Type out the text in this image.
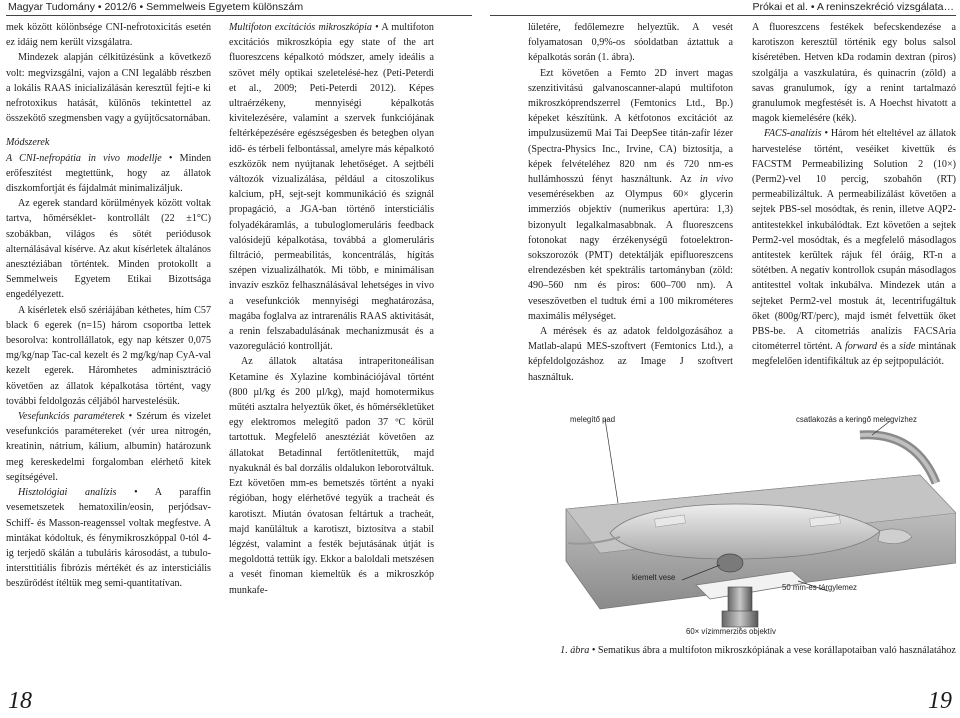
Magyar Tudomány • 2012/6 • Semmelweis Egyetem különszám	Prókai et al. • A reninszekréció vizsgálata…

mek között kölönbsége CNI-nefrotoxicitás esetén ez idáig nem került vizsgálatra.

Mindezek alapján célkitűzésünk a következő volt: megvizsgálni, vajon a CNI legalább részben a lokális RAAS inicializálásán keresztül fejti-e ki nefrotoxikus hatását, különös tekintettel az összekötő szegmensben vagy a gyűjtőcsatornában.

Módszerek

A CNI-nefropátia in vivo modellje • Minden erőfeszítést megtettünk, hogy az állatok diszkomfortját és fájdalmát minimalizáljuk.

Az egerek standard körülmények között voltak tartva, hőmérséklet- kontrollált (22 ±1°C) szobákban, világos és sötét periódusok alternálásával kísérve. Az akut kísérletek általános anesztéziában történtek. Minden protokollt a Semmelweis Egyetem Etikai Bizottsága engedélyezett.

A kísérletek első szériájában kéthetes, hím C57 black 6 egerek (n=15) három csoportba lettek besorolva: kontrollállatok, egy nap kétszer 0,075 mg/kg/nap Tac-cal kezelt és 2 mg/kg/nap CyA-val kezelt egerek. Háromhetes adminisztráció követően az állatok képalkotása történt, vagy további feldolgozás céljából harvestelésük.

Vesefunkciós paraméterek • Szérum és vizelet vesefunkciós paramétereket (vér urea nitrogén, kreatinin, nátrium, kálium, albumin) határozunk meg kereskedelmi forgalomban elérhető kitek segítségével.

Hisztológiai analízis • A paraffin vesemetszetek hematoxilin/eosin, perjódsav-Schiff- és Masson-reagenssel voltak megfestve. A mintákat kódoltuk, és fénymikroszkóppal 0-tól 4-ig terjedő skálán a tubuláris károsodást, a tubulo-intersttitiális fibrózis mértékét és az intersticiális beszűrődést ítéltük meg semi-quantitatívan.

Multifoton excitációs mikroszkópia • A multifoton excitációs mikroszkópia egy state of the art fluoreszcens képalkotó módszer, amely ideális a szövet mély optikai szeletelésé-hez (Peti-Peterdi et al., 2009; Peti-Peterdi 2012). Képes ultraérzékeny, mennyiségi képalkotás kivitelezésére, valamint a szervek funkciójának feltérképezésére egészségesben és betegben olyan idő- és térbeli felbontással, amelyre más képalkotó eszközök nem nyújtanak lehetőséget. A sejtbéli változók vizualizálása, például a citoszolikus kalcium, pH, sejt-sejt kommunikáció és szignál propagáció, a JGA-ban történő intersticiális folyadékáramlás, a tubuloglomeruláris feedback valósidejű képalkotása, továbbá a glomeruláris filtráció, permeabilitás, koncentrálás, hígítás szépen vizualizálhatók. Mi több, e minimálisan invazív eszköz felhasználásával lehetséges in vivo a vesefunkciók mennyiségi meghatározása, magába foglalva az intrarenális RAAS aktivitását, a renin felszabadulásának mechanizmusát és a vazoreguláció kontrollját.

Az állatok altatása intraperitoneálisan Ketamine és Xylazine kombinációjával történt (800 µl/kg és 200 µl/kg), majd homotermikus műtéti asztalra helyeztük őket, és hőmérsékletüket egy elektromos melegítő padon 37 ºC körül tartottuk. Megfelelő anesztéziát követően az állatokat Betadinnal fertőtlenítettük, majd nyakuknál és bal dorzális oldalukon leborotváltuk. Ezt követően mm-es bemetszés történt a nyaki régióban, hogy elérhetővé tegyük a tracheát és karotiszt. Miután óvatosan feltártuk a tracheát, majd kanüláltuk a karotiszt, biztosítva a stabil légzést, valamint a festék bejutásának útját is megoldottá tettük így. Ekkor a baloldali metszésen a vesét finoman kiemeltük és a mikroszkóp munkafe-

lületére, fedőlemezre helyeztük. A vesét folyamatosan 0,9%-os sóoldatban áztattuk a képalkotás során (1. ábra).

Ezt követően a Femto 2D invert magas szenzitivitású galvanoscanner-alapú multifoton mikroszkóprendszerrel (Femtonics Ltd., Bp.) képeket készítünk. A kétfotonos excitációt az impulzusüzemű Mai Tai DeepSee titán-zafír lézer (Spectra-Physics Inc., Irvine, CA) biztosítja, a képek felvételéhez 820 nm és 720 nm-es hullámhosszú fényt használtunk. Az in vivo vesemérésekben az Olympus 60× glycerin immerziós objektív (numerikus apertúra: 1,3) bizonyult legalkalmasabbnak. A fluoreszcens fotonokat nagy érzékenységű fotoelektron-sokszorozók (PMT) detektálják epifluoreszcens elrendezésben két spektrális tartományban (zöld: 490–560 nm és piros: 600–700 nm). A veseszövetben el tudtuk érni a 100 mikrométeres maximális mélységet.

A mérések és az adatok feldolgozásához a Matlab-alapú MES-szoftvert (Femtonics Ltd.), a képfeldolgozáshoz az Image J szoftvert használtuk.

A fluoreszcens festékek befecskendezése a karotiszon keresztül történik egy bolus salsol kíséretében. Hetven kDa rodamin dextran (piros) szolgálja a vaszkulatúra, és quinacrin (zöld) a savas granulumok, így a renint tartalmazó granulumok megfestését is. A Hoechst hivatott a magok kiemelésére (kék).

FACS-analízis • Három hét elteltével az állatok harvestelése történt, veséiket kivettük és FACSTM Permeabilizing Solution 2 (10×) (Perm2)-vel 10 percig, szobahőn (RT) permeabilizáltuk. A permeabilizálást követően a sejtek PBS-sel mosódtak, és renin, illetve AQP2-antitestekkel inkubálódtak. Ezt követően a sejtek Perm2-vel mosódtak, és a megfelelő másodlagos antitestek kerültek rájuk fél óráig, RT-n a sötétben. A negatív kontrollok csupán másodlagos antitesttel voltak inkubálva. Mindezek után a sejteket Perm2-vel mostuk át, lecentrifugáltuk őket (800g/RT/perc), majd ismét felvettük őket PBS-be. A citometriás analízis FACSAria citométerrel történt. A forward és a side mintának megfelelően identifikáltuk az ép sejtpopulációt.

melegítő pad	csatlakozás a keringő melegvízhez
kiemelt vese
50 mm-es tárgylemez
60× vízimmerziós objektív
1. ábra • Sematikus ábra a multifoton mikroszkópiának a vese korállapotaiban való használatához
18	19
